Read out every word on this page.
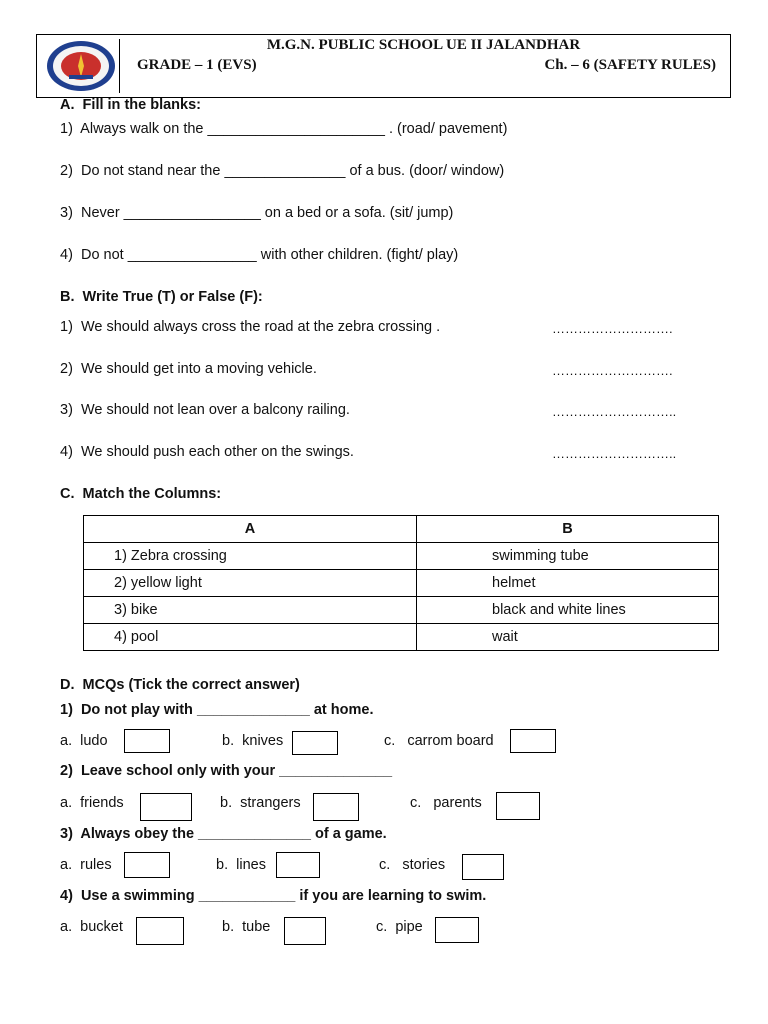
M.G.N. PUBLIC SCHOOL UE II JALANDHAR
GRADE – 1 (EVS)	Ch. – 6 (SAFETY RULES)
A.  Fill in the blanks:
1) Always walk on the ______________________ . (road/ pavement)
2) Do not stand near the _______________ of a bus. (door/ window)
3) Never _________________ on a bed or a sofa. (sit/ jump)
4) Do not ________________ with other children. (fight/ play)
B.  Write True (T) or False (F):
1) We should always cross the road at the zebra crossing .	……………………….
2) We should get into a moving vehicle.	……………………….
3) We should not lean over a balcony railing.	………………………..
4) We should push each other on the swings.	………………………..
C.  Match the Columns:
A	B
1) Zebra crossing	swimming tube
2) yellow light	helmet
3) bike	black and white lines
4) pool	wait
D.  MCQs (Tick the correct answer)
1)  Do not play with ______________ at home.
a.  ludo	b.  knives	c.   carrom board
2)  Leave school only with your ______________
a.  friends	b.  strangers	c.   parents
3)  Always obey the ______________ of a game.
a.  rules	b.  lines	c.   stories
4)  Use a swimming ____________ if you are learning to swim.
a.  bucket	b.  tube	c.  pipe
